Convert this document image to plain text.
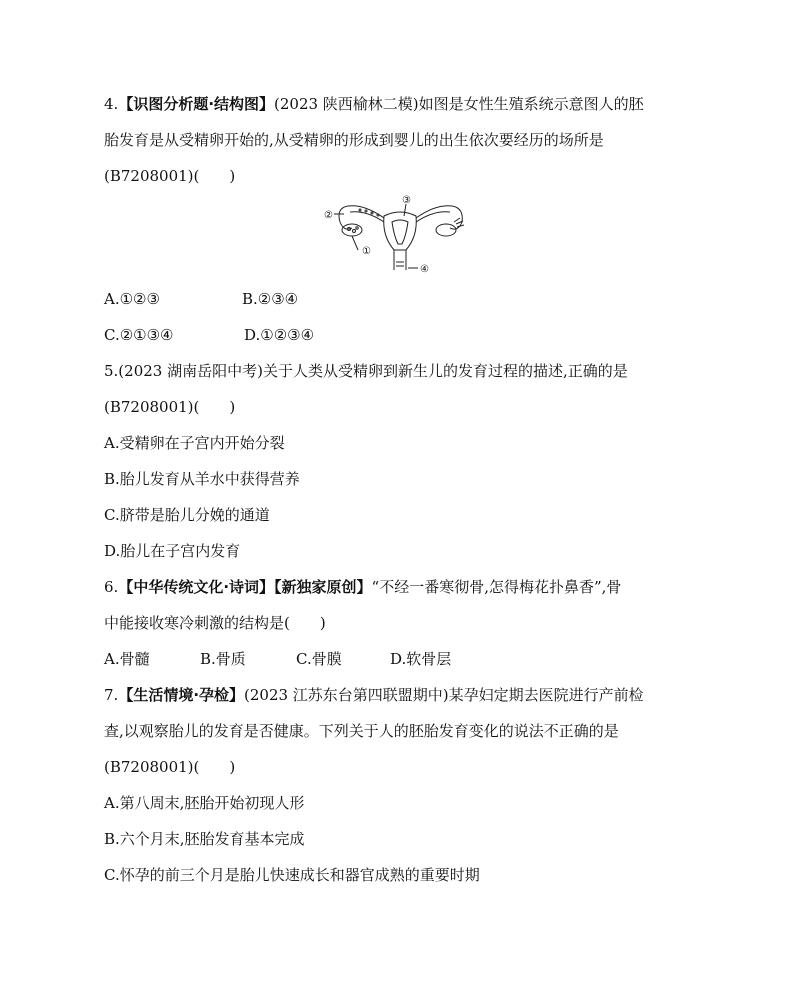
4.【识图分析题·结构图】(2023 陕西榆林二模)如图是女性生殖系统示意图人的胚
胎发育是从受精卵开始的,从受精卵的形成到婴儿的出生依次要经历的场所是
(B7208001)(　　)
①
②
③
④
A.①②③	B.②③④
C.②①③④	D.①②③④
5.(2023 湖南岳阳中考)关于人类从受精卵到新生儿的发育过程的描述,正确的是
(B7208001)(　　)
A.受精卵在子宫内开始分裂
B.胎儿发育从羊水中获得营养
C.脐带是胎儿分娩的通道
D.胎儿在子宫内发育
6.【中华传统文化·诗词】【新独家原创】“不经一番寒彻骨,怎得梅花扑鼻香”,骨
中能接收寒冷刺激的结构是(　　)
A.骨髓	B.骨质	C.骨膜	D.软骨层
7.【生活情境·孕检】(2023 江苏东台第四联盟期中)某孕妇定期去医院进行产前检
查,以观察胎儿的发育是否健康。下列关于人的胚胎发育变化的说法不正确的是
(B7208001)(　　)
A.第八周末,胚胎开始初现人形
B.六个月末,胚胎发育基本完成
C.怀孕的前三个月是胎儿快速成长和器官成熟的重要时期
